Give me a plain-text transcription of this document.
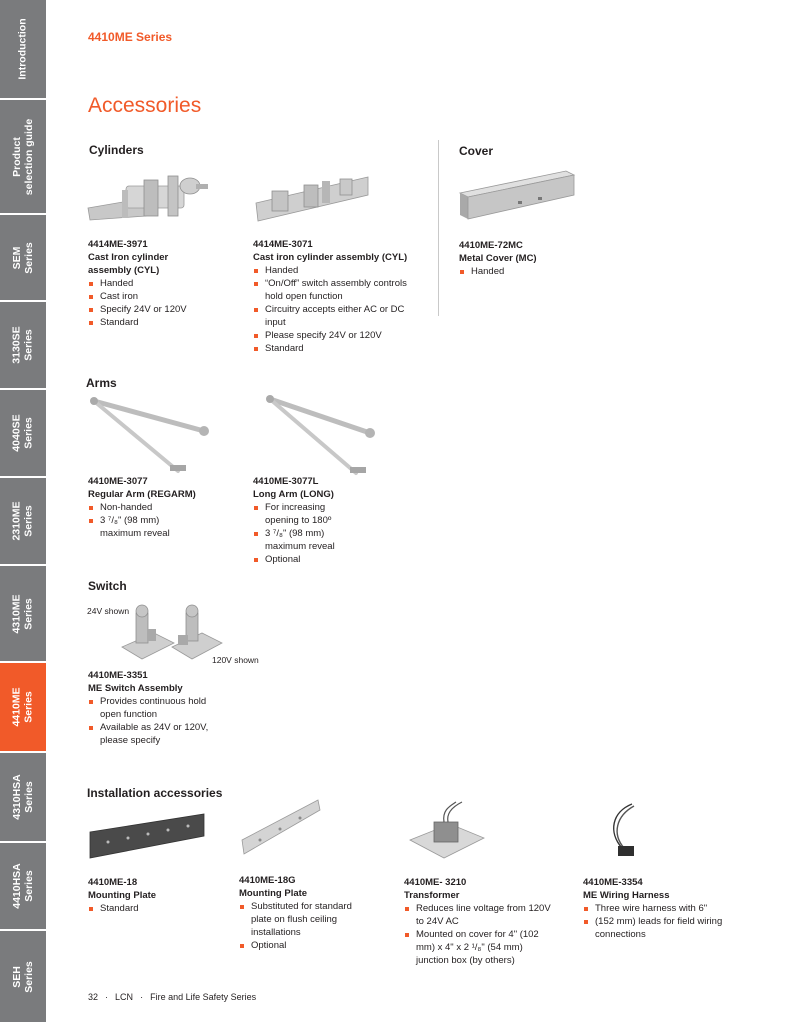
Introduction
Product
selection guide
SEM
Series
3130SE
Series
4040SE
Series
2310ME
Series
4310ME
Series
4410ME
Series
4310HSA
Series
4410HSA
Series
SEH
Series
4410ME Series
Accessories
Cylinders	Cover
Arms
Switch
Installation accessories
24V shown
120V shown
4414ME-3971
Cast Iron cylinder
assembly (CYL)
Handed
Cast iron
Specify 24V or 120V
Standard
4414ME-3071
Cast iron cylinder assembly (CYL)
Handed
“On/Off” switch assembly controls hold open function
Circuitry accepts either AC or DC input
Please specify 24V or 120V
Standard
4410ME-72MC
Metal Cover (MC)
Handed
4410ME-3077
Regular Arm (REGARM)
Non-handed
3 ⁷/₈" (98 mm) maximum reveal
4410ME-3077L
Long Arm (LONG)
For increasing opening to 180º
3 ⁷/₈" (98 mm) maximum reveal
Optional
4410ME-3351
ME Switch Assembly
Provides continuous hold open function
Available as 24V or 120V, please specify
4410ME-18
Mounting Plate
Standard
4410ME-18G
Mounting Plate
Substituted for standard plate on flush ceiling installations
Optional
4410ME- 3210
Transformer
Reduces line voltage from 120V to 24V AC
Mounted on cover for 4" (102 mm) x 4" x 2 ¹/₈" (54 mm) junction box (by others)
4410ME-3354
ME Wiring Harness
Three wire harness with 6"
(152 mm) leads for field wiring connections
32  ·  LCN  ·  Fire and Life Safety Series
